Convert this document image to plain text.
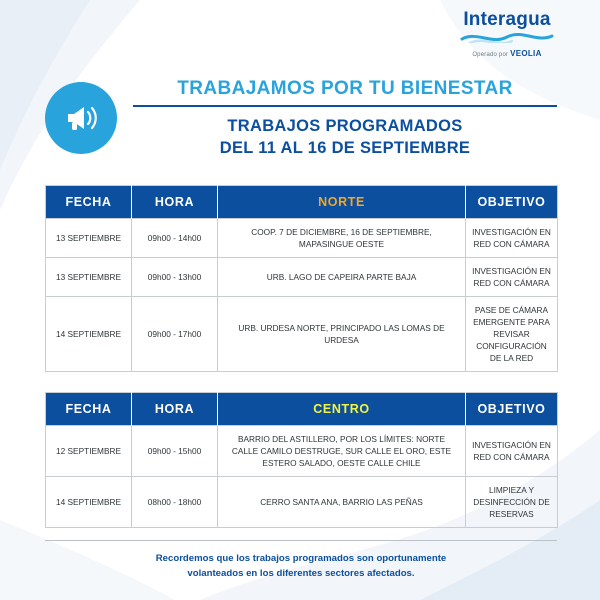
Interagua
Operado por VEOLIA
TRABAJAMOS POR TU BIENESTAR
TRABAJOS PROGRAMADOS
DEL 11 AL 16 DE SEPTIEMBRE
FECHA	HORA	NORTE	OBJETIVO
13 SEPTIEMBRE	09h00 - 14h00	COOP. 7 DE DICIEMBRE, 16 DE SEPTIEMBRE, MAPASINGUE OESTE	INVESTIGACIÓN EN RED CON CÁMARA
13 SEPTIEMBRE	09h00 - 13h00	URB. LAGO DE CAPEIRA PARTE BAJA	INVESTIGACIÓN EN RED CON CÁMARA
14 SEPTIEMBRE	09h00 - 17h00	URB. URDESA NORTE, PRINCIPADO LAS LOMAS DE URDESA	PASE DE CÁMARA EMERGENTE PARA REVISAR CONFIGURACIÓN DE LA RED
FECHA	HORA	CENTRO	OBJETIVO
12 SEPTIEMBRE	09h00 - 15h00	BARRIO DEL ASTILLERO, POR LOS LÍMITES: NORTE CALLE CAMILO DESTRUGE, SUR CALLE EL ORO, ESTE ESTERO SALADO, OESTE CALLE CHILE	INVESTIGACIÓN EN RED CON CÁMARA
14 SEPTIEMBRE	08h00 - 18h00	CERRO SANTA ANA, BARRIO LAS PEÑAS	LIMPIEZA Y DESINFECCIÓN DE RESERVAS
Recordemos que los trabajos programados son oportunamente
volanteados en los diferentes sectores afectados.
